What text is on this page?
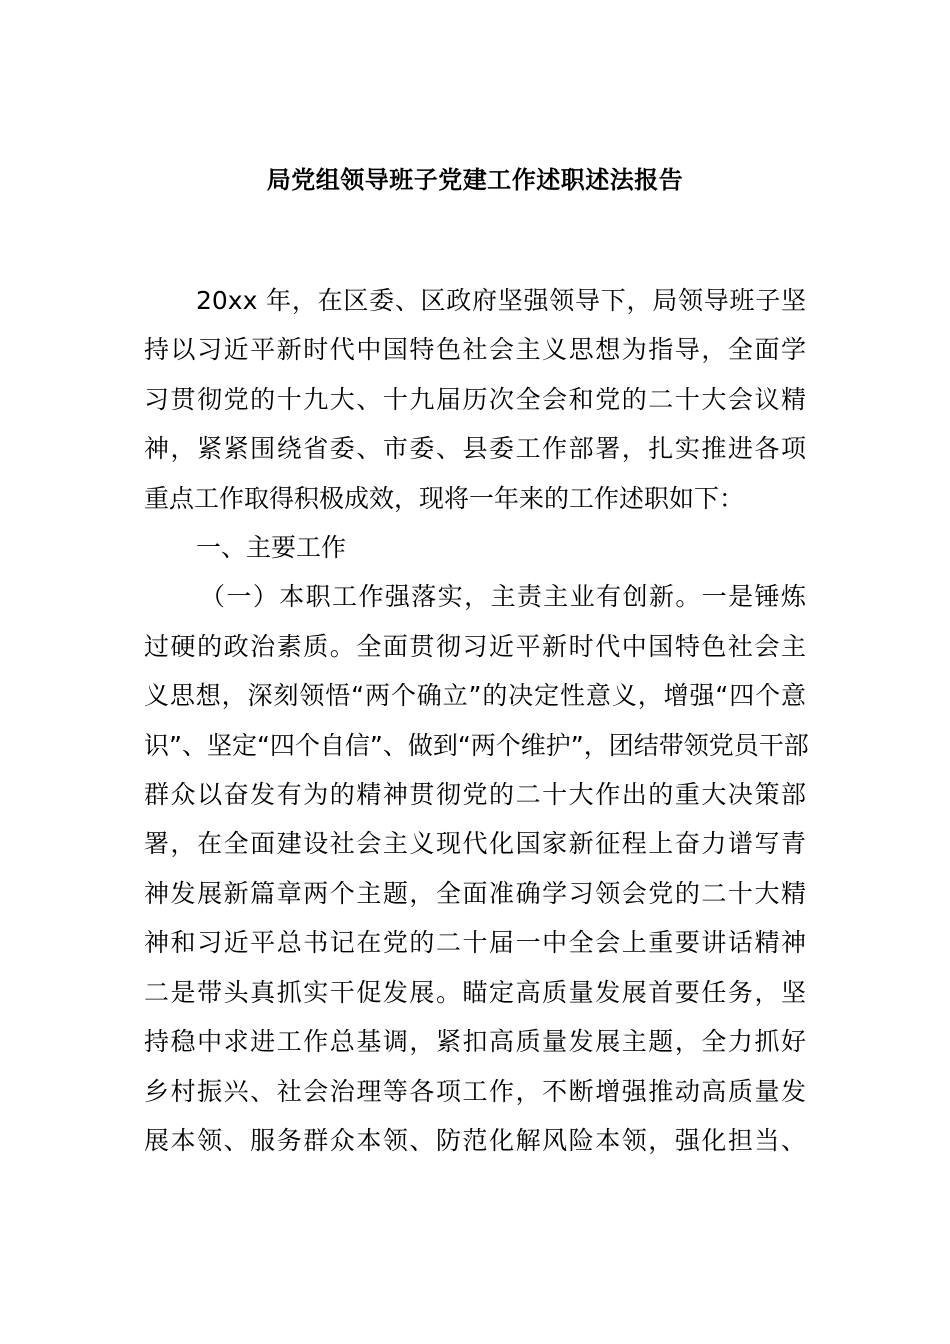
局党组领导班子党建工作述职述法报告
20xx 年，在区委、区政府坚强领导下，局领导班子坚
持以习近平新时代中国特色社会主义思想为指导，全面学
习贯彻党的十九大、十九届历次全会和党的二十大会议精
神，紧紧围绕省委、市委、县委工作部署，扎实推进各项
重点工作取得积极成效，现将一年来的工作述职如下：
一、主要工作
（一）本职工作强落实，主责主业有创新。一是锤炼
过硬的政治素质。全面贯彻习近平新时代中国特色社会主
义思想，深刻领悟“两个确立”的决定性意义，增强“四个意
识”、坚定“四个自信”、做到“两个维护”，团结带领党员干部
群众以奋发有为的精神贯彻党的二十大作出的重大决策部
署，在全面建设社会主义现代化国家新征程上奋力谱写青
神发展新篇章两个主题，全面准确学习领会党的二十大精
神和习近平总书记在党的二十届一中全会上重要讲话精神
二是带头真抓实干促发展。瞄定高质量发展首要任务，坚
持稳中求进工作总基调，紧扣高质量发展主题，全力抓好
乡村振兴、社会治理等各项工作，不断增强推动高质量发
展本领、服务群众本领、防范化解风险本领，强化担当、
